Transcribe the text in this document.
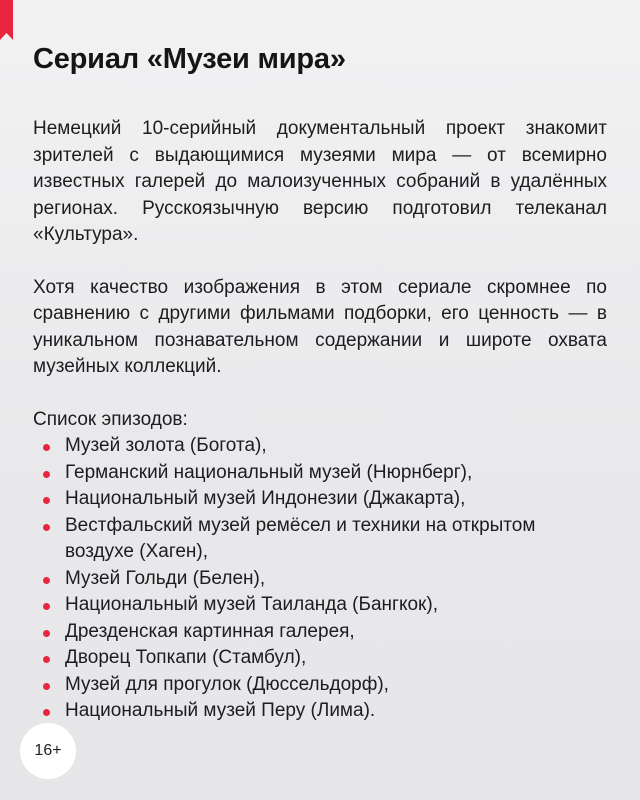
Сериал «Музеи мира»

Немецкий 10-серийный документальный проект знакомит зрителей с выдающимися музеями мира — от всемирно известных галерей до малоизученных собраний в удалённых регионах. Русскоязычную версию подготовил телеканал «Культура».

Хотя качество изображения в этом сериале скромнее по сравнению с другими фильмами подборки, его ценность — в уникальном познавательном содержании и широте охвата музейных коллекций.

Список эпизодов:

Музей золота (Богота),
Германский национальный музей (Нюрнберг),
Национальный музей Индонезии (Джакарта),
Вестфальский музей ремёсел и техники на открытом воздухе (Хаген),
Музей Гольди (Белен),
Национальный музей Таиланда (Бангкок),
Дрезденская картинная галерея,
Дворец Топкапи (Стамбул),
Музей для прогулок (Дюссельдорф),
Национальный музей Перу (Лима).
16+
